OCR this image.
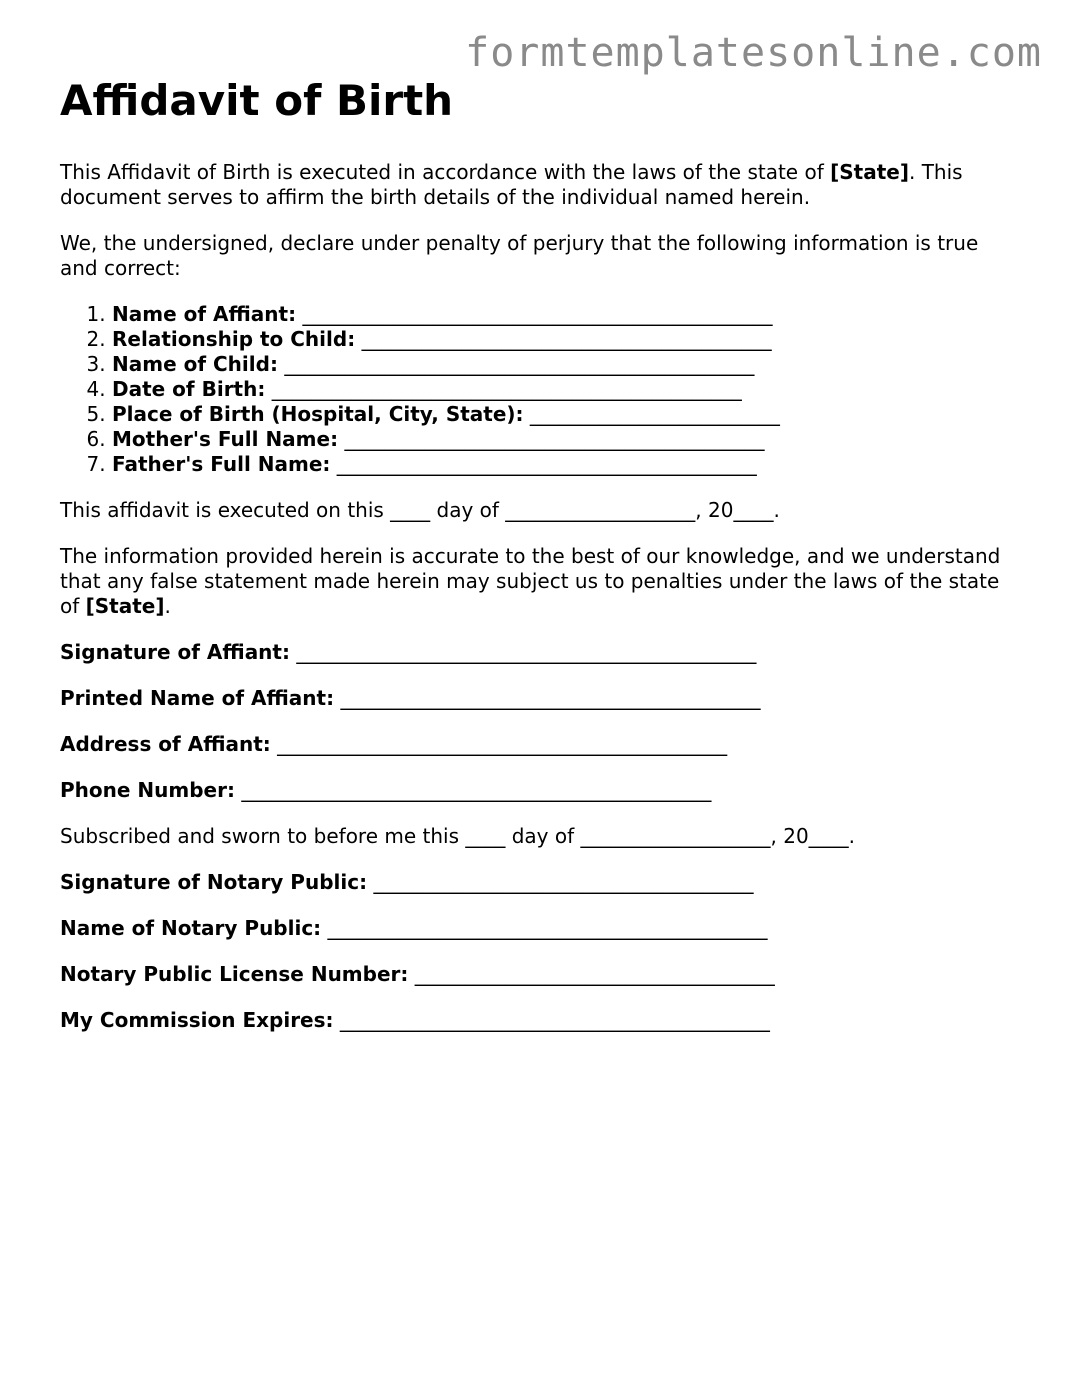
formtemplatesonline.com
Affidavit of Birth

This Affidavit of Birth is executed in accordance with the laws of the state of [State]. This document serves to affirm the birth details of the individual named herein.

We, the undersigned, declare under penalty of perjury that the following information is true and correct:

1. Name of Affiant: _______________________________________________
2. Relationship to Child: _________________________________________
3. Name of Child: _______________________________________________
4. Date of Birth: _______________________________________________
5. Place of Birth (Hospital, City, State): _________________________
6. Mother's Full Name: __________________________________________
7. Father's Full Name: __________________________________________

This affidavit is executed on this ____ day of ___________________, 20____.

The information provided herein is accurate to the best of our knowledge, and we understand that any false statement made herein may subject us to penalties under the laws of the state of [State].

Signature of Affiant: ______________________________________________

Printed Name of Affiant: __________________________________________

Address of Affiant: _____________________________________________

Phone Number: _______________________________________________

Subscribed and sworn to before me this ____ day of ___________________, 20____.

Signature of Notary Public: ______________________________________

Name of Notary Public: ____________________________________________

Notary Public License Number: ____________________________________

My Commission Expires: ___________________________________________
